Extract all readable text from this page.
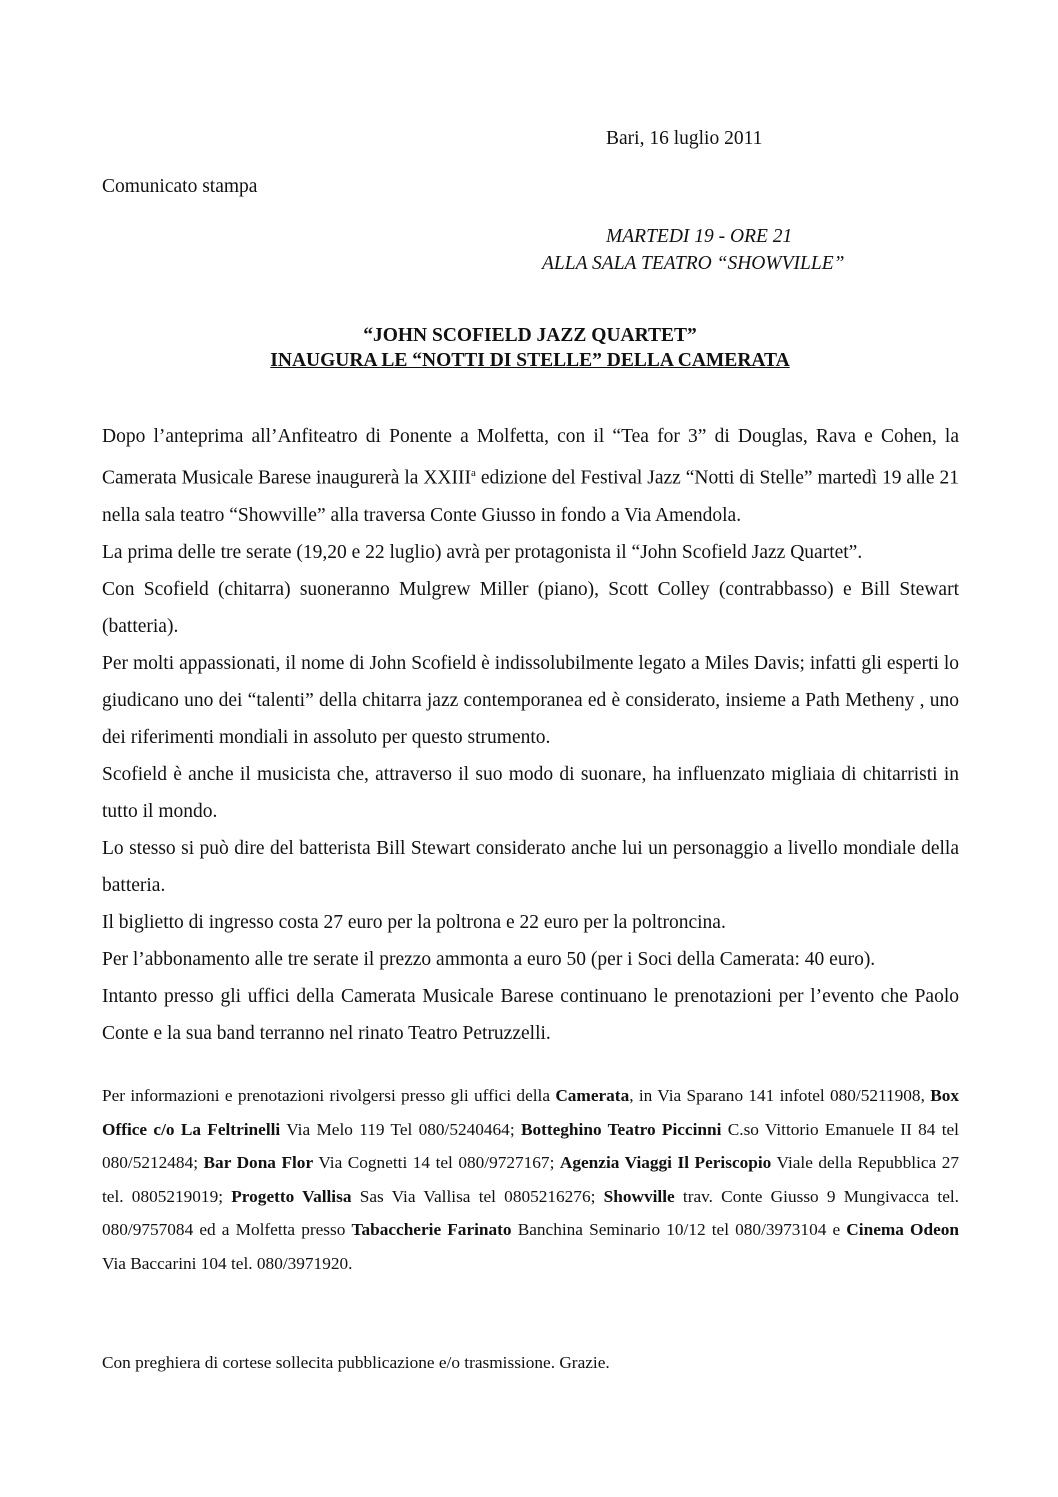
Bari, 16 luglio 2011
Comunicato stampa
MARTEDI 19 - ORE 21
ALLA SALA TEATRO “SHOWVILLE”
“JOHN SCOFIELD JAZZ QUARTET”
INAUGURA LE “NOTTI DI STELLE” DELLA CAMERATA

Dopo l’anteprima all’Anfiteatro di Ponente a Molfetta, con il “Tea for 3” di Douglas, Rava e Cohen, la Camerata Musicale Barese inaugurerà la XXIII$^a$ edizione del Festival Jazz “Notti di Stelle” martedì 19 alle 21 nella sala teatro “Showville” alla traversa Conte Giusso in fondo a Via Amendola.

La prima delle tre serate (19,20 e 22 luglio) avrà per protagonista il “John Scofield Jazz Quartet”.

Con Scofield (chitarra) suoneranno Mulgrew Miller (piano), Scott Colley (contrabbasso) e Bill Stewart (batteria).

Per molti appassionati, il nome di John Scofield è indissolubilmente legato a Miles Davis; infatti gli esperti lo giudicano uno dei “talenti” della chitarra jazz contemporanea ed è considerato, insieme a Path Metheny , uno dei riferimenti mondiali in assoluto per questo strumento.

Scofield è anche il musicista che, attraverso il suo modo di suonare, ha influenzato migliaia di chitarristi in tutto il mondo.

Lo stesso si può dire del batterista Bill Stewart considerato anche lui un personaggio a livello mondiale della batteria.

Il biglietto di ingresso costa 27 euro per la poltrona e 22 euro per la poltroncina.

Per l’abbonamento alle tre serate il prezzo ammonta a euro 50 (per i Soci della Camerata: 40 euro).

Intanto presso gli uffici della Camerata Musicale Barese continuano le prenotazioni per l’evento che Paolo Conte e la sua band terranno nel rinato Teatro Petruzzelli.

Per informazioni e prenotazioni rivolgersi presso gli uffici della Camerata, in Via Sparano 141 infotel 080/5211908, Box Office c/o La Feltrinelli Via Melo 119 Tel 080/5240464; Botteghino Teatro Piccinni C.so Vittorio Emanuele II 84 tel 080/5212484; Bar Dona Flor Via Cognetti 14 tel 080/9727167; Agenzia Viaggi Il Periscopio Viale della Repubblica 27 tel. 0805219019; Progetto Vallisa Sas Via Vallisa tel 0805216276; Showville trav. Conte Giusso 9 Mungivacca tel. 080/9757084 ed a Molfetta presso Tabaccherie Farinato Banchina Seminario 10/12 tel 080/3973104 e Cinema Odeon Via Baccarini 104 tel. 080/3971920.

Con preghiera di cortese sollecita pubblicazione e/o trasmissione. Grazie.
